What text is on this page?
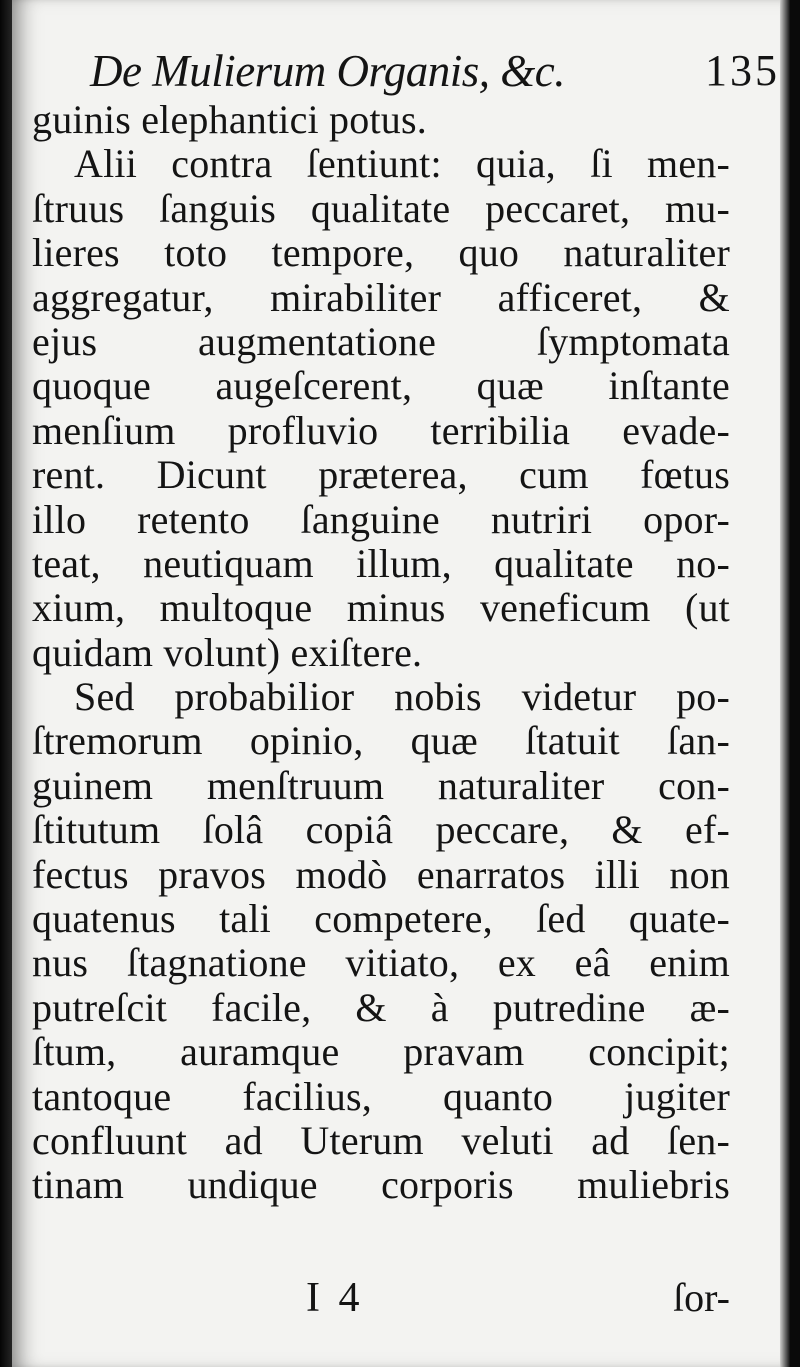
De Mulierum Organis, &c.	135
guinis elephantici potus.
Alii contra ſentiunt: quia, ſi men-
ſtruus ſanguis qualitate peccaret, mu-
lieres toto tempore, quo naturaliter
aggregatur, mirabiliter afficeret, &
ejus augmentatione ſymptomata
quoque augeſcerent, quæ inſtante
menſium profluvio terribilia evade-
rent. Dicunt præterea, cum fœtus
illo retento ſanguine nutriri opor-
teat, neutiquam illum, qualitate no-
xium, multoque minus veneficum (ut
quidam volunt) exiſtere.
Sed probabilior nobis videtur po-
ſtremorum opinio, quæ ſtatuit ſan-
guinem menſtruum naturaliter con-
ſtitutum ſolâ copiâ peccare, & ef-
fectus pravos modò enarratos illi non
quatenus tali competere, ſed quate-
nus ſtagnatione vitiato, ex eâ enim
putreſcit facile, & à putredine æ-
ſtum, auramque pravam concipit;
tantoque facilius, quanto jugiter
confluunt ad Uterum veluti ad ſen-
tinam undique corporis muliebris
I 4	ſor-
